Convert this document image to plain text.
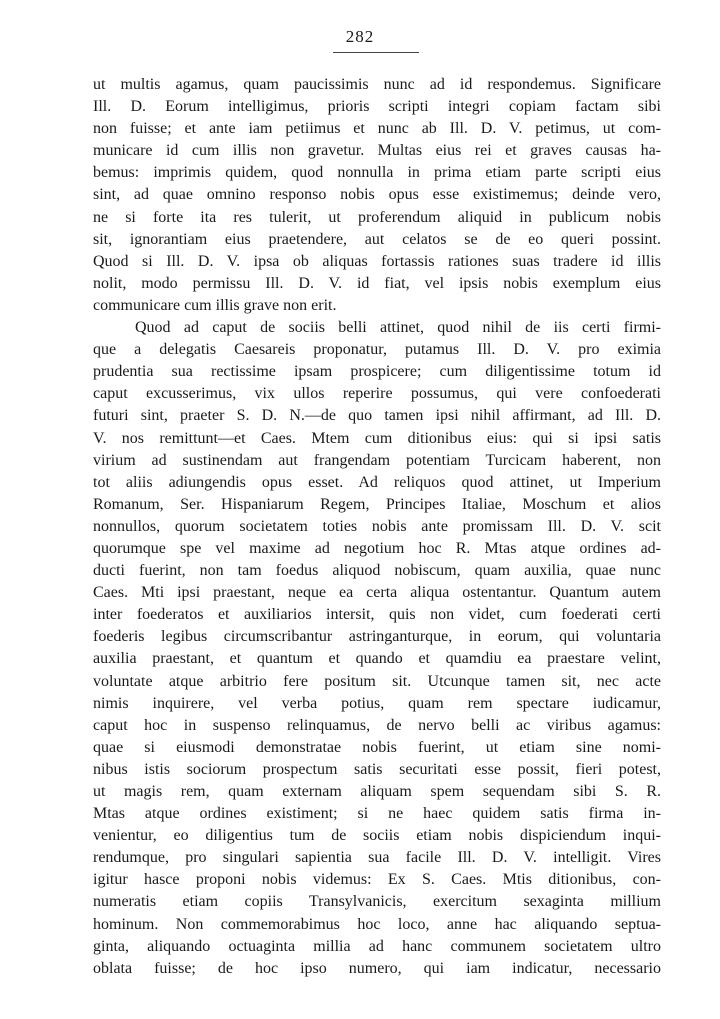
282
ut multis agamus, quam paucissimis nunc ad id respondemus. Significare
Ill. D. Eorum intelligimus, prioris scripti integri copiam factam sibi
non fuisse; et ante iam petiimus et nunc ab Ill. D. V. petimus, ut com-
municare id cum illis non gravetur. Multas eius rei et graves causas ha-
bemus: imprimis quidem, quod nonnulla in prima etiam parte scripti eius
sint, ad quae omnino responso nobis opus esse existimemus; deinde vero,
ne si forte ita res tulerit, ut proferendum aliquid in publicum nobis
sit, ignorantiam eius praetendere, aut celatos se de eo queri possint.
Quod si Ill. D. V. ipsa ob aliquas fortassis rationes suas tradere id illis
nolit, modo permissu Ill. D. V. id fiat, vel ipsis nobis exemplum eius
communicare cum illis grave non erit.
Quod ad caput de sociis belli attinet, quod nihil de iis certi firmi-
que a delegatis Caesareis proponatur, putamus Ill. D. V. pro eximia
prudentia sua rectissime ipsam prospicere; cum diligentissime totum id
caput excusserimus, vix ullos reperire possumus, qui vere confoederati
futuri sint, praeter S. D. N.—de quo tamen ipsi nihil affirmant, ad Ill. D.
V. nos remittunt—et Caes. Mtem cum ditionibus eius: qui si ipsi satis
virium ad sustinendam aut frangendam potentiam Turcicam haberent, non
tot aliis adiungendis opus esset. Ad reliquos quod attinet, ut Imperium
Romanum, Ser. Hispaniarum Regem, Principes Italiae, Moschum et alios
nonnullos, quorum societatem toties nobis ante promissam Ill. D. V. scit
quorumque spe vel maxime ad negotium hoc R. Mtas atque ordines ad-
ducti fuerint, non tam foedus aliquod nobiscum, quam auxilia, quae nunc
Caes. Mti ipsi praestant, neque ea certa aliqua ostentantur. Quantum autem
inter foederatos et auxiliarios intersit, quis non videt, cum foederati certi
foederis legibus circumscribantur astringanturque, in eorum, qui voluntaria
auxilia praestant, et quantum et quando et quamdiu ea praestare velint,
voluntate atque arbitrio fere positum sit. Utcunque tamen sit, nec acte
nimis inquirere, vel verba potius, quam rem spectare iudicamur,
caput hoc in suspenso relinquamus, de nervo belli ac viribus agamus:
quae si eiusmodi demonstratae nobis fuerint, ut etiam sine nomi-
nibus istis sociorum prospectum satis securitati esse possit, fieri potest,
ut magis rem, quam externam aliquam spem sequendam sibi S. R.
Mtas atque ordines existiment; si ne haec quidem satis firma in-
venientur, eo diligentius tum de sociis etiam nobis dispiciendum inqui-
rendumque, pro singulari sapientia sua facile Ill. D. V. intelligit. Vires
igitur hasce proponi nobis videmus: Ex S. Caes. Mtis ditionibus, con-
numeratis etiam copiis Transylvanicis, exercitum sexaginta millium
hominum. Non commemorabimus hoc loco, anne hac aliquando septua-
ginta, aliquando octuaginta millia ad hanc communem societatem ultro
oblata fuisse; de hoc ipso numero, qui iam indicatur, necessario
